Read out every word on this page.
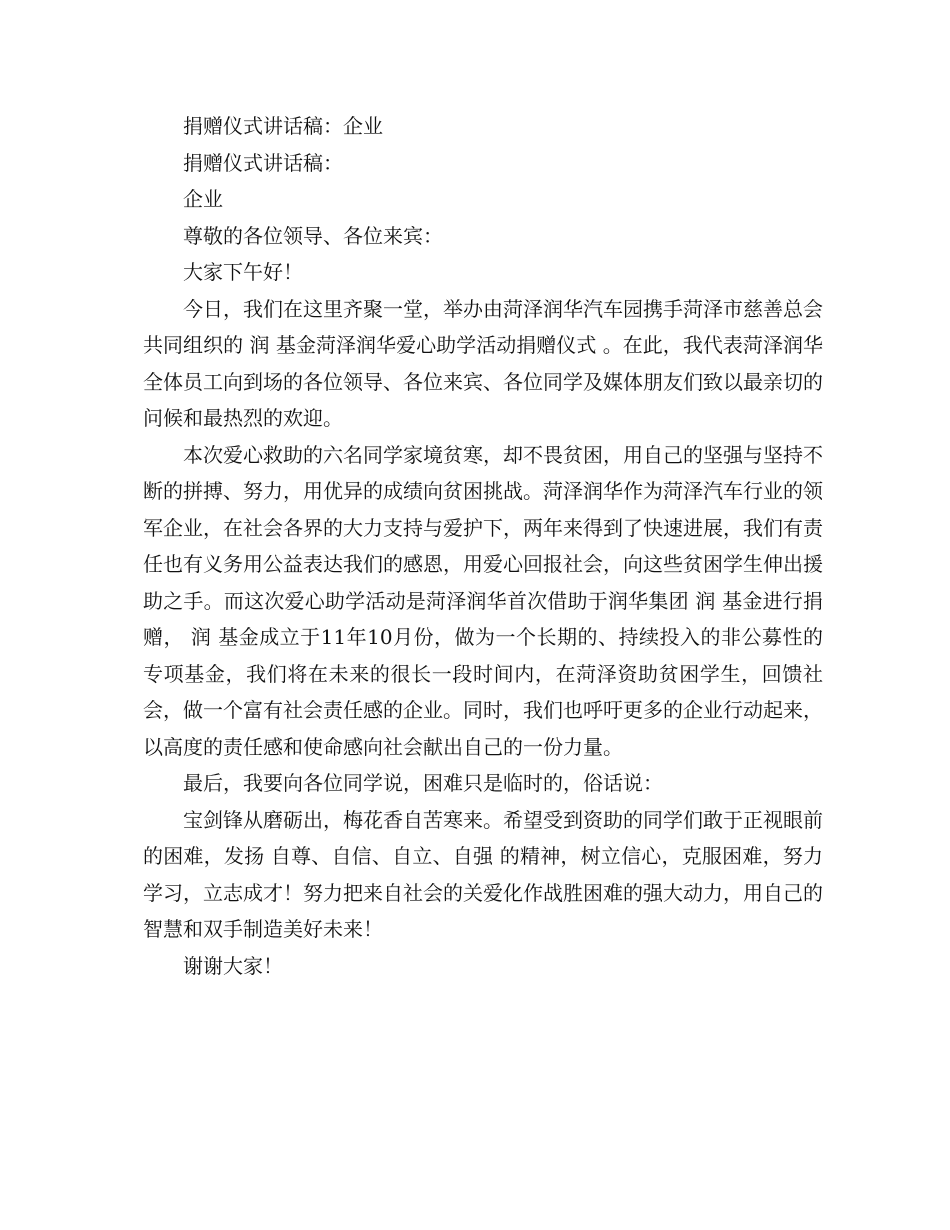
捐赠仪式讲话稿：企业

捐赠仪式讲话稿：

企业

尊敬的各位领导、各位来宾：

大家下午好！

今日，我们在这里齐聚一堂，举办由菏泽润华汽车园携手菏泽市慈善总会共同组织的 润 基金菏泽润华爱心助学活动捐赠仪式 。在此，我代表菏泽润华全体员工向到场的各位领导、各位来宾、各位同学及媒体朋友们致以最亲切的问候和最热烈的欢迎。

本次爱心救助的六名同学家境贫寒，却不畏贫困，用自己的坚强与坚持不断的拼搏、努力，用优异的成绩向贫困挑战。菏泽润华作为菏泽汽车行业的领军企业，在社会各界的大力支持与爱护下，两年来得到了快速进展，我们有责任也有义务用公益表达我们的感恩，用爱心回报社会，向这些贫困学生伸出援助之手。而这次爱心助学活动是菏泽润华首次借助于润华集团 润 基金进行捐赠， 润 基金成立于11年10月份，做为一个长期的、持续投入的非公募性的专项基金，我们将在未来的很长一段时间内，在菏泽资助贫困学生，回馈社会，做一个富有社会责任感的企业。同时，我们也呼吁更多的企业行动起来，以高度的责任感和使命感向社会献出自己的一份力量。

最后，我要向各位同学说，困难只是临时的，俗话说：

宝剑锋从磨砺出，梅花香自苦寒来。希望受到资助的同学们敢于正视眼前的困难，发扬 自尊、自信、自立、自强 的精神，树立信心，克服困难，努力学习，立志成才！努力把来自社会的关爱化作战胜困难的强大动力，用自己的智慧和双手制造美好未来！

谢谢大家！
